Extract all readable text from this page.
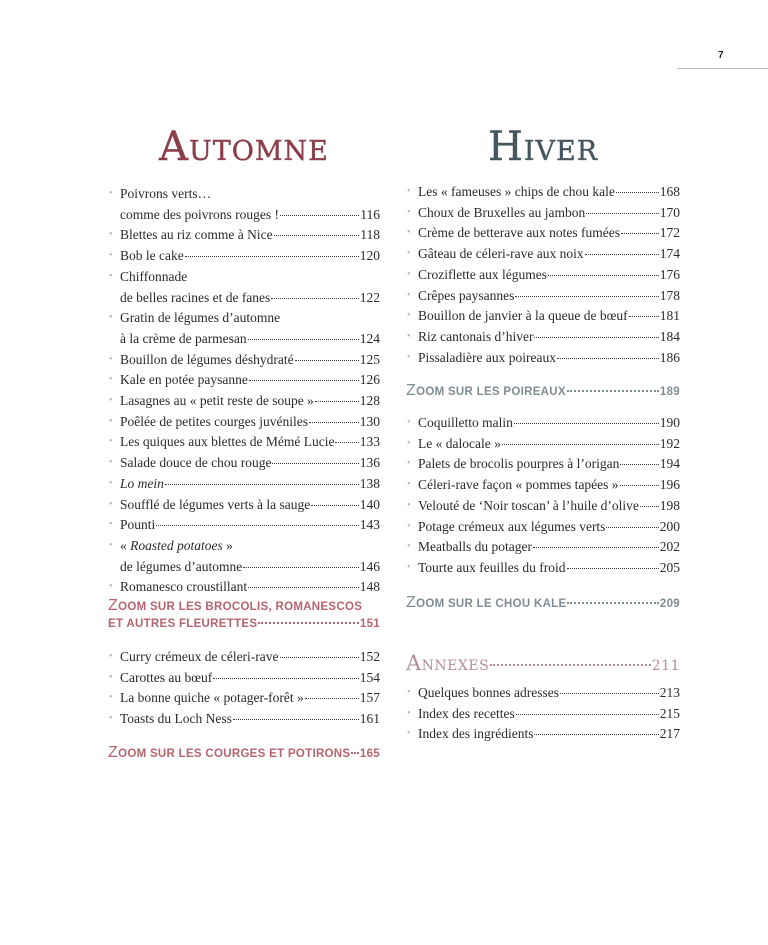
7
AUTOMNE
• Poivrons verts…
comme des poivrons rouges !	116
• Blettes au riz comme à Nice	118
• Bob le cake	120
• Chiffonnade
de belles racines et de fanes	122
• Gratin de légumes d’automne
à la crème de parmesan	124
• Bouillon de légumes déshydraté	125
• Kale en potée paysanne	126
• Lasagnes au « petit reste de soupe »	128
• Poêlée de petites courges juvéniles	130
• Les quiques aux blettes de Mémé Lucie 133
• Salade douce de chou rouge	136
• Lo mein	138
• Soufflé de légumes verts à la sauge	140
• Pounti	143
• « Roasted potatoes »
de légumes d’automne	146
• Romanesco croustillant	148
ZOOM SUR LES BROCOLIS, ROMANESCOS
ET AUTRES FLEURETTES	151
• Curry crémeux de céleri-rave	152
• Carottes au bœuf	154
• La bonne quiche « potager-forêt »	157
• Toasts du Loch Ness	161
ZOOM SUR LES COURGES ET POTIRONS 165
HIVER
• Les « fameuses » chips de chou kale	168
• Choux de Bruxelles au jambon	170
• Crème de betterave aux notes fumées	172
• Gâteau de céleri-rave aux noix	174
• Croziflette aux légumes	176
• Crêpes paysannes	178
• Bouillon de janvier à la queue de bœuf 181
• Riz cantonais d’hiver	184
• Pissaladière aux poireaux	186
ZOOM SUR LES POIREAUX	189
• Coquilletto malin	190
• Le « dalocale »	192
• Palets de brocolis pourpres à l’origan	194
• Céleri-rave façon « pommes tapées »	196
• Velouté de ‘Noir toscan’ à l’huile d’olive 198
• Potage crémeux aux légumes verts	200
• Meatballs du potager	202
• Tourte aux feuilles du froid	205
ZOOM SUR LE CHOU KALE	209
ANNEXES	211
• Quelques bonnes adresses	213
• Index des recettes	215
• Index des ingrédients	217
